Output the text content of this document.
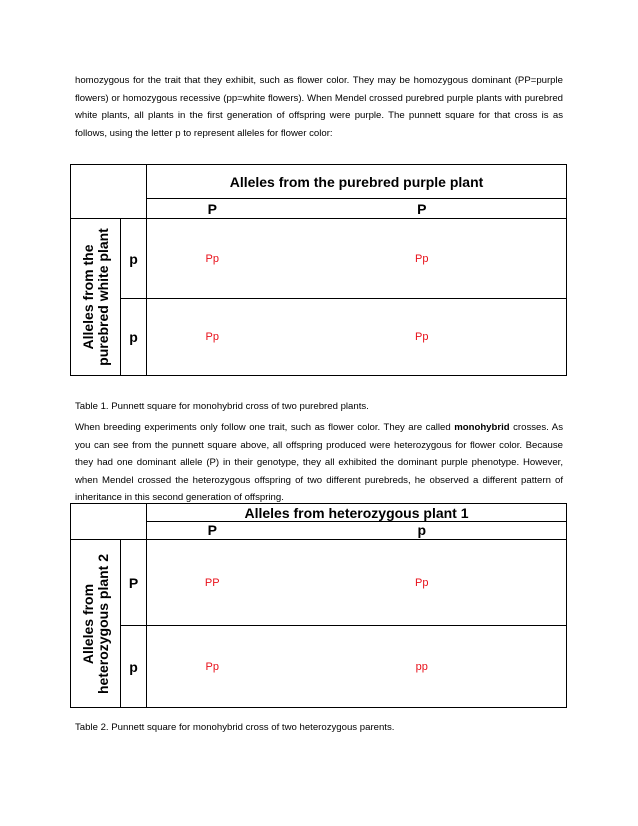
homozygous for the trait that they exhibit, such as flower color. They may be homozygous dominant (PP=purple flowers) or homozygous recessive (pp=white flowers). When Mendel crossed purebred purple plants with purebred white plants, all plants in the first generation of offspring were purple. The punnett square for that cross is as follows, using the letter p to represent alleles for flower color:

		Alleles from the purebred purple plant	
		P	P

Alleles from the purebred white plant	p	Pp	Pp
	p	Pp	Pp

Table 1. Punnett square for monohybrid cross of two purebred plants.

When breeding experiments only follow one trait, such as flower color. They are called monohybrid crosses. As you can see from the punnett square above, all offspring produced were heterozygous for flower color. Because they had one dominant allele (P) in their genotype, they all exhibited the dominant purple phenotype. However, when Mendel crossed the heterozygous offspring of two different purebreds, he observed a different pattern of inheritance in this second generation of offspring.

		Alleles from heterozygous plant 1	
		P	p

Alleles from heterozygous plant 2	P	PP	Pp
	p	Pp	pp

Table 2. Punnett square for monohybrid cross of two heterozygous parents.
